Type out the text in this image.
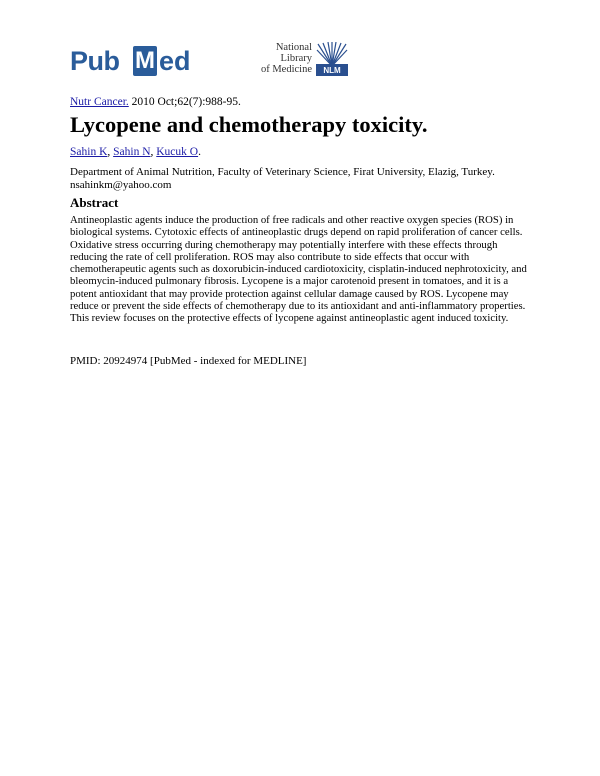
Pub M ed	National
Library
of Medicine NLM
Nutr Cancer. 2010 Oct;62(7):988-95.
Lycopene and chemotherapy toxicity.
Sahin K, Sahin N, Kucuk O.
Department of Animal Nutrition, Faculty of Veterinary Science, Firat University, Elazig, Turkey.
nsahinkm@yahoo.com
Abstract

Antineoplastic agents induce the production of free radicals and other reactive oxygen species (ROS) in biological systems. Cytotoxic effects of antineoplastic drugs depend on rapid proliferation of cancer cells. Oxidative stress occurring during chemotherapy may potentially interfere with these effects through reducing the rate of cell proliferation. ROS may also contribute to side effects that occur with chemotherapeutic agents such as doxorubicin-induced cardiotoxicity, cisplatin-induced nephrotoxicity, and bleomycin-induced pulmonary fibrosis. Lycopene is a major carotenoid present in tomatoes, and it is a potent antioxidant that may provide protection against cellular damage caused by ROS. Lycopene may reduce or prevent the side effects of chemotherapy due to its antioxidant and anti-inflammatory properties. This review focuses on the protective effects of lycopene against antineoplastic agent induced toxicity.

PMID: 20924974 [PubMed - indexed for MEDLINE]
